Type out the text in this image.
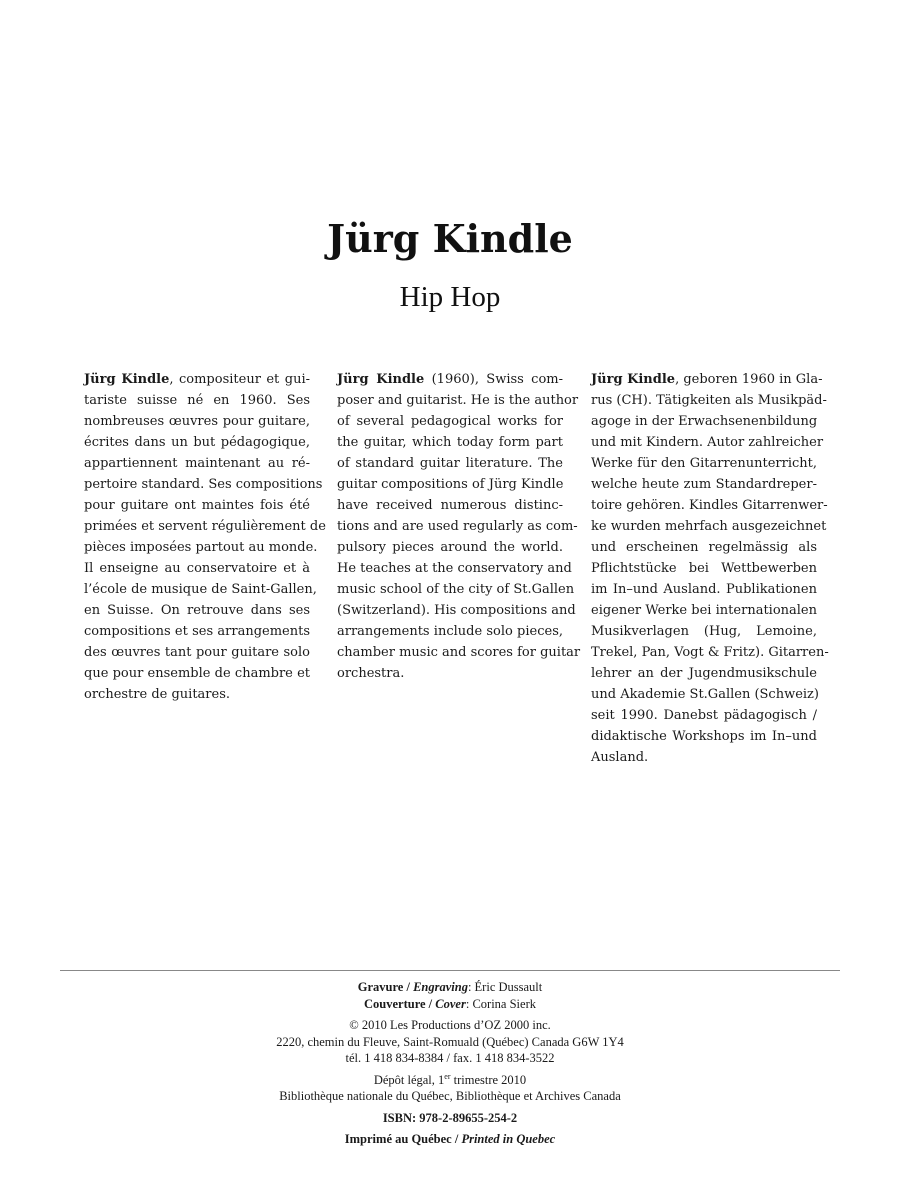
Jürg Kindle
Hip Hop
Jürg Kindle, compositeur et gui-
tariste suisse né en 1960. Ses
nombreuses œuvres pour guitare,
écrites dans un but pédagogique,
appartiennent maintenant au ré-
pertoire standard. Ses compositions
pour guitare ont maintes fois été
primées et servent régulièrement de
pièces imposées partout au monde.
Il enseigne au conservatoire et à
l’école de musique de Saint-Gallen,
en Suisse. On retrouve dans ses
compositions et ses arrangements
des œuvres tant pour guitare solo
que pour ensemble de chambre et
orchestre de guitares.
Jürg Kindle (1960), Swiss com-
poser and guitarist. He is the author
of several pedagogical works for
the guitar, which today form part
of standard guitar literature. The
guitar compositions of Jürg Kindle
have received numerous distinc-
tions and are used regularly as com-
pulsory pieces around the world.
He teaches at the conservatory and
music school of the city of St.Gallen
(Switzerland). His compositions and
arrangements include solo pieces,
chamber music and scores for guitar
orchestra.
Jürg Kindle, geboren 1960 in Gla-
rus (CH). Tätigkeiten als Musikpäd-
agoge in der Erwachsenenbildung
und mit Kindern. Autor zahlreicher
Werke für den Gitarrenunterricht,
welche heute zum Standardreper-
toire gehören. Kindles Gitarrenwer-
ke wurden mehrfach ausgezeichnet
und erscheinen regelmässig als
Pflichtstücke bei Wettbewerben
im In–und Ausland. Publikationen
eigener Werke bei internationalen
Musikverlagen (Hug, Lemoine,
Trekel, Pan, Vogt & Fritz). Gitarren-
lehrer an der Jugendmusikschule
und Akademie St.Gallen (Schweiz)
seit 1990. Danebst pädagogisch /
didaktische Workshops im In–und
Ausland.
Gravure / Engraving: Éric Dussault
Couverture / Cover: Corina Sierk
© 2010 Les Productions d’OZ 2000 inc.
2220, chemin du Fleuve, Saint-Romuald (Québec) Canada G6W 1Y4
tél. 1 418 834-8384 / fax. 1 418 834-3522
Dépôt légal, 1er trimestre 2010
Bibliothèque nationale du Québec, Bibliothèque et Archives Canada
ISBN: 978-2-89655-254-2
Imprimé au Québec / Printed in Quebec
